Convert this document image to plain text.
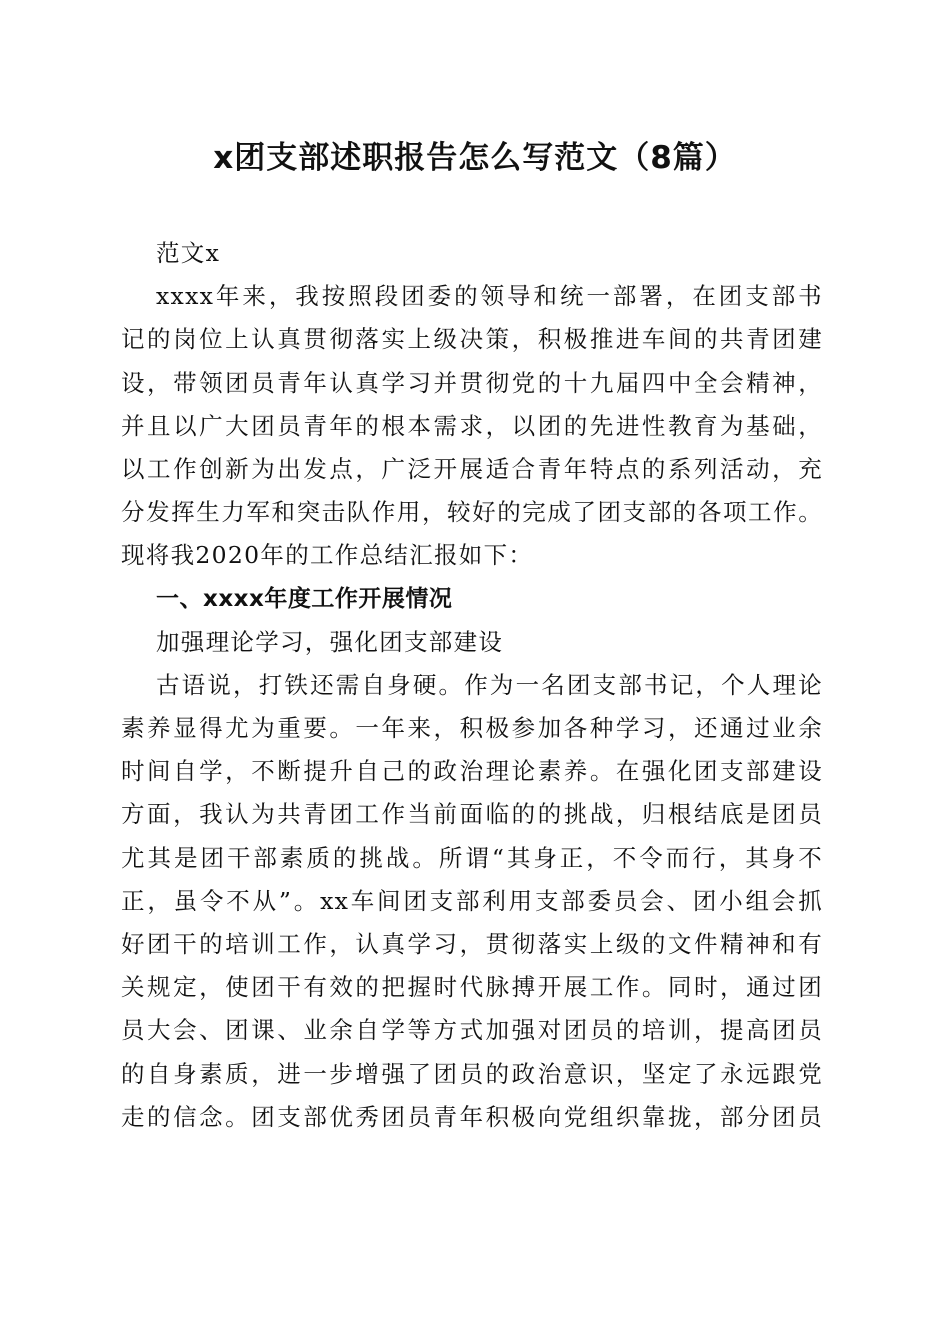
x团支部述职报告怎么写范文（8篇）
范文x
xxxx年来，我按照段团委的领导和统一部署，在团支部书
记的岗位上认真贯彻落实上级决策，积极推进车间的共青团建
设，带领团员青年认真学习并贯彻党的十九届四中全会精神，
并且以广大团员青年的根本需求，以团的先进性教育为基础，
以工作创新为出发点，广泛开展适合青年特点的系列活动，充
分发挥生力军和突击队作用，较好的完成了团支部的各项工作。
现将我2020年的工作总结汇报如下：
一、xxxx年度工作开展情况
加强理论学习，强化团支部建设
古语说，打铁还需自身硬。作为一名团支部书记，个人理论
素养显得尤为重要。一年来，积极参加各种学习，还通过业余
时间自学，不断提升自己的政治理论素养。在强化团支部建设
方面，我认为共青团工作当前面临的的挑战，归根结底是团员
尤其是团干部素质的挑战。所谓“其身正，不令而行，其身不
正，虽令不从”。xx车间团支部利用支部委员会、团小组会抓
好团干的培训工作，认真学习，贯彻落实上级的文件精神和有
关规定，使团干有效的把握时代脉搏开展工作。同时，通过团
员大会、团课、业余自学等方式加强对团员的培训，提高团员
的自身素质，进一步增强了团员的政治意识，坚定了永远跟党
走的信念。团支部优秀团员青年积极向党组织靠拢，部分团员
